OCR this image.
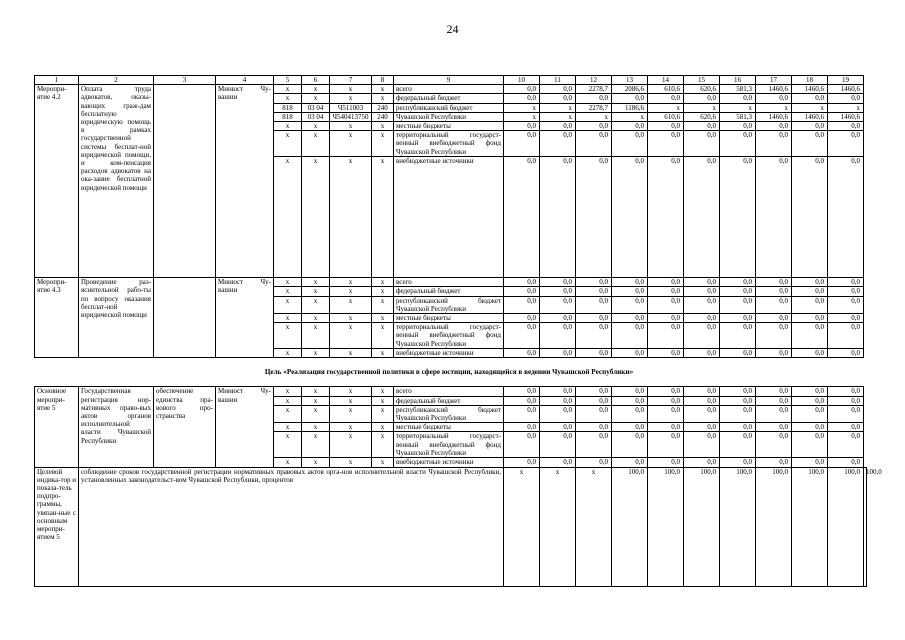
24
1	2	3	4	5	6	7	8	9	10	11	12	13	14	15	16	17	18	19	
Меропри-ятие 4.2	Оплата труда адвокатов, оказы-вающих граж-дам бесплатную юридическую помощь в рамках государственной системы бесплат-ной юридической помощи, и ком-пенсация расходов адвокатов на ока-зание бесплатной юридической помощи		Минюст Чу-вашии	x	x	x	x	всего	0,0	0,0	2278,7	2086,6	610,6	620,6	581,3	1460,6	1460,6	1460,6	
				x	x	x	x	федеральный бюджет	0,0	0,0	0,0	0,0	0,0	0,0	0,0	0,0	0,0	0,0	
				818	03 04	Ч511003	240	республиканский бюджет	x	x	2278,7	1186,6	x	x	x	x	x	x	
				818	03 04	Ч540413750	240	Чувашской Республики	x	x	x	x	610,6	620,6	581,3	1460,6	1460,6	1460,6	
				x	x	x	x	местные бюджеты	0,0	0,0	0,0	0,0	0,0	0,0	0,0	0,0	0,0	0,0	
				x	x	x	x	территориальный государст-венный внебюджетный фонд Чувашской Республики	0,0	0,0	0,0	0,0	0,0	0,0	0,0	0,0	0,0	0,0	
				x	x	x	x	внебюджетные источники	0,0	0,0	0,0	0,0	0,0	0,0	0,0	0,0	0,0	0,0	
Меропри-ятие 4.3	Проведение раз-яснительной рабо-ты по вопросу оказания бесплат-ной юридической помощи		Минюст Чу-вашии	x	x	x	x	всего	0,0	0,0	0,0	0,0	0,0	0,0	0,0	0,0	0,0	0,0	
				x	x	x	x	федеральный бюджет	0,0	0,0	0,0	0,0	0,0	0,0	0,0	0,0	0,0	0,0	
				x	x	x	x	республиканский бюджет Чувашской Республики	0,0	0,0	0,0	0,0	0,0	0,0	0,0	0,0	0,0	0,0	
				x	x	x	x	местные бюджеты	0,0	0,0	0,0	0,0	0,0	0,0	0,0	0,0	0,0	0,0	
				x	x	x	x	территориальный государст-венный внебюджетный фонд Чувашской Республики	0,0	0,0	0,0	0,0	0,0	0,0	0,0	0,0	0,0	0,0	
				x	x	x	x	внебюджетные источники	0,0	0,0	0,0	0,0	0,0	0,0	0,0	0,0	0,0	0,0	
Цель «Реализация государственной политики в сфере юстиции, находящейся в ведении Чувашской Республики»																			
Основное меропри-ятие 5	Государственная регистрация нор-мативных право-вых актов органов исполнительной власти Чувашской Республики	обеспечение единства пра-вового про-странства	Минюст Чу-вашии	x	x	x	x	всего	0,0	0,0	0,0	0,0	0,0	0,0	0,0	0,0	0,0	0,0	
				x	x	x	x	федеральный бюджет	0,0	0,0	0,0	0,0	0,0	0,0	0,0	0,0	0,0	0,0	
				x	x	x	x	республиканский бюджет Чувашской Республики	0,0	0,0	0,0	0,0	0,0	0,0	0,0	0,0	0,0	0,0	
				x	x	x	x	местные бюджеты	0,0	0,0	0,0	0,0	0,0	0,0	0,0	0,0	0,0	0,0	
				x	x	x	x	территориальный государст-венный внебюджетный фонд Чувашской Республики	0,0	0,0	0,0	0,0	0,0	0,0	0,0	0,0	0,0	0,0	
				x	x	x	x	внебюджетные источники	0,0	0,0	0,0	0,0	0,0	0,0	0,0	0,0	0,0	0,0	
Целевой индика-тор и показа-тель подпро-граммы, увязан-ные с основным меропри-ятием 5	соблюдение сроков государственной регистрации нормативных правовых актов орга-нов исполнительной власти Чувашской Республики, установленных законодательст-вом Чувашской Республики, процентов								x	x	x	100,0	100,0	100,0	100,0	100,0	100,0	100,0	100,0
